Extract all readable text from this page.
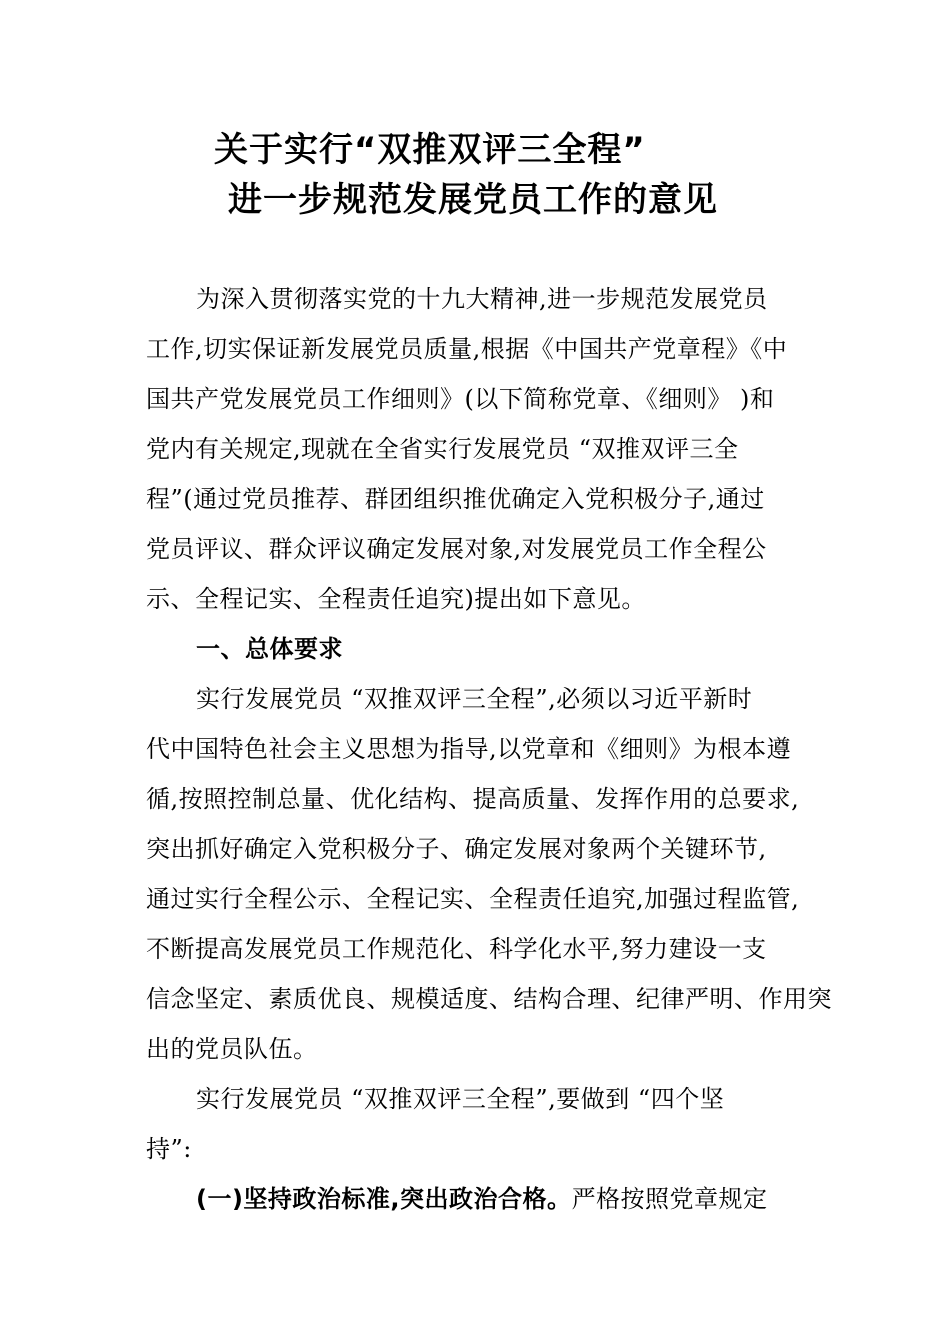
关于实行“双推双评三全程”
进一步规范发展党员工作的意见
为深入贯彻落实党的十九大精神,进一步规范发展党员
工作,切实保证新发展党员质量,根据《中国共产党章程》《中
国共产党发展党员工作细则》(以下简称党章、《细则》 )和
党内有关规定,现就在全省实行发展党员 “双推双评三全
程”(通过党员推荐、群团组织推优确定入党积极分子,通过
党员评议、群众评议确定发展对象,对发展党员工作全程公
示、全程记实、全程责任追究)提出如下意见。
一、总体要求
实行发展党员 “双推双评三全程”,必须以习近平新时
代中国特色社会主义思想为指导,以党章和《细则》为根本遵
循,按照控制总量、优化结构、提高质量、发挥作用的总要求,
突出抓好确定入党积极分子、确定发展对象两个关键环节,
通过实行全程公示、全程记实、全程责任追究,加强过程监管,
不断提高发展党员工作规范化、科学化水平,努力建设一支
信念坚定、素质优良、规模适度、结构合理、纪律严明、作用突
出的党员队伍。
实行发展党员 “双推双评三全程”,要做到 “四个坚
持”:
(一)坚持政治标准,突出政治合格。严格按照党章规定
